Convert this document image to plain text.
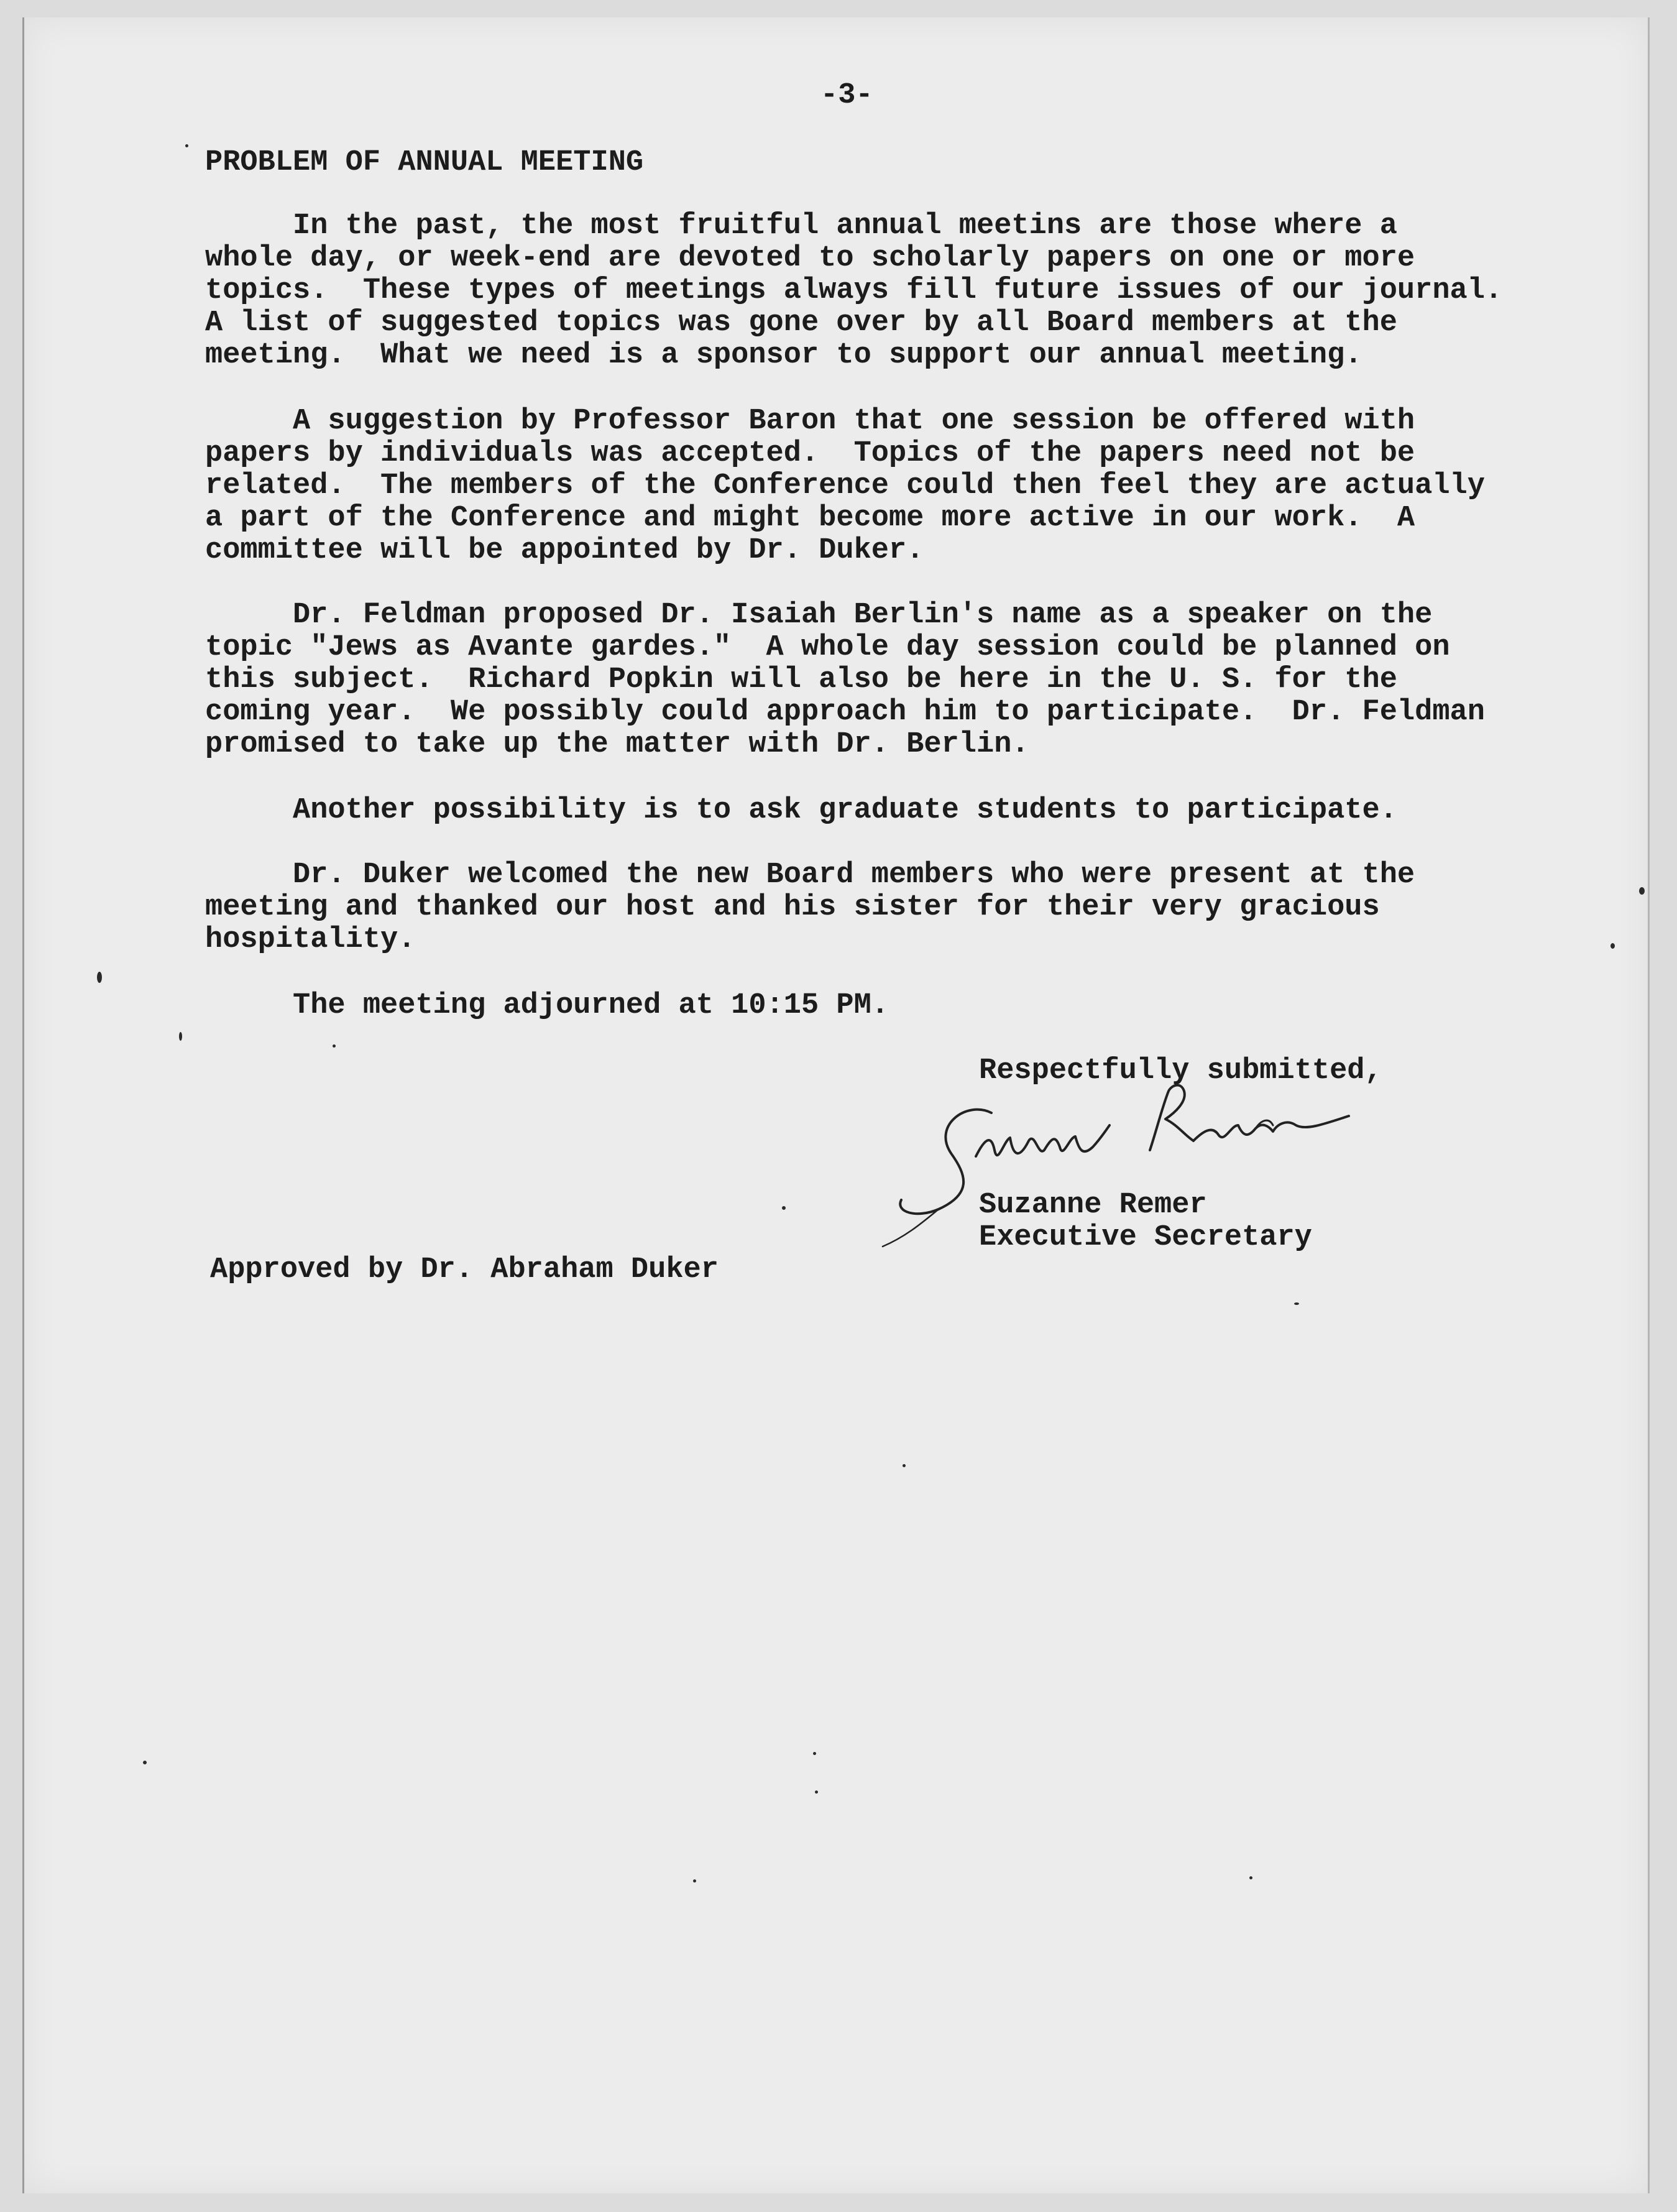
-3-
PROBLEM OF ANNUAL MEETING
In the past, the most fruitful annual meetins are those where a
whole day, or week-end are devoted to scholarly papers on one or more
topics.  These types of meetings always fill future issues of our journal.
A list of suggested topics was gone over by all Board members at the
meeting.  What we need is a sponsor to support our annual meeting.
A suggestion by Professor Baron that one session be offered with
papers by individuals was accepted.  Topics of the papers need not be
related.  The members of the Conference could then feel they are actually
a part of the Conference and might become more active in our work.  A
committee will be appointed by Dr. Duker.
Dr. Feldman proposed Dr. Isaiah Berlin's name as a speaker on the
topic "Jews as Avante gardes."  A whole day session could be planned on
this subject.  Richard Popkin will also be here in the U. S. for the
coming year.  We possibly could approach him to participate.  Dr. Feldman
promised to take up the matter with Dr. Berlin.
Another possibility is to ask graduate students to participate.
Dr. Duker welcomed the new Board members who were present at the
meeting and thanked our host and his sister for their very gracious
hospitality.
The meeting adjourned at 10:15 PM.
Respectfully submitted,
Suzanne Remer
Executive Secretary
Approved by Dr. Abraham Duker
